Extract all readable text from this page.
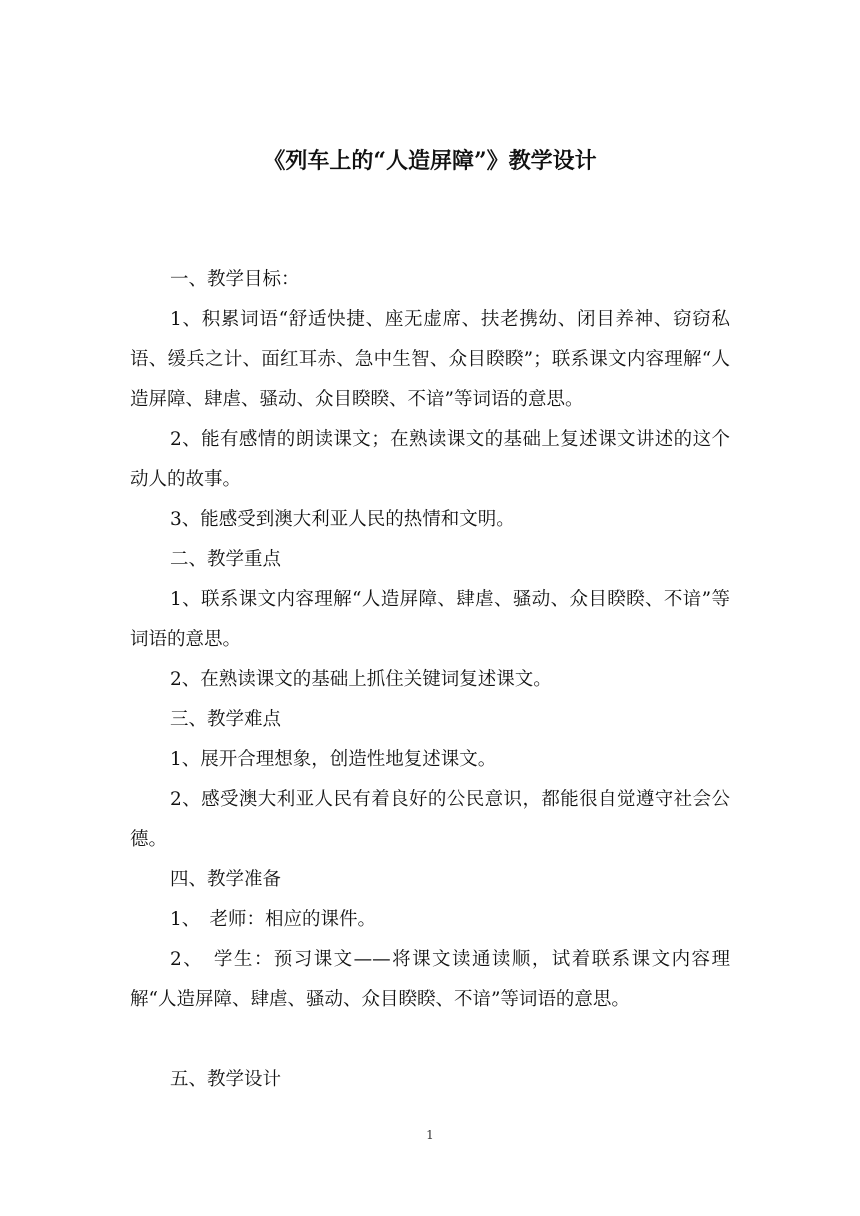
《列车上的“人造屏障”》教学设计

一、教学目标：

1、积累词语“舒适快捷、座无虚席、扶老携幼、闭目养神、窃窃私语、缓兵之计、面红耳赤、急中生智、众目睽睽”；联系课文内容理解“人造屏障、肆虐、骚动、众目睽睽、不谙”等词语的意思。

2、能有感情的朗读课文；在熟读课文的基础上复述课文讲述的这个动人的故事。

3、能感受到澳大利亚人民的热情和文明。

二、教学重点

1、联系课文内容理解“人造屏障、肆虐、骚动、众目睽睽、不谙”等词语的意思。

2、在熟读课文的基础上抓住关键词复述课文。

三、教学难点

1、展开合理想象，创造性地复述课文。

2、感受澳大利亚人民有着良好的公民意识，都能很自觉遵守社会公德。

四、教学准备

1、　老师：相应的课件。

2、　学生：预习课文——将课文读通读顺，试着联系课文内容理解“人造屏障、肆虐、骚动、众目睽睽、不谙”等词语的意思。

五、教学设计

1
